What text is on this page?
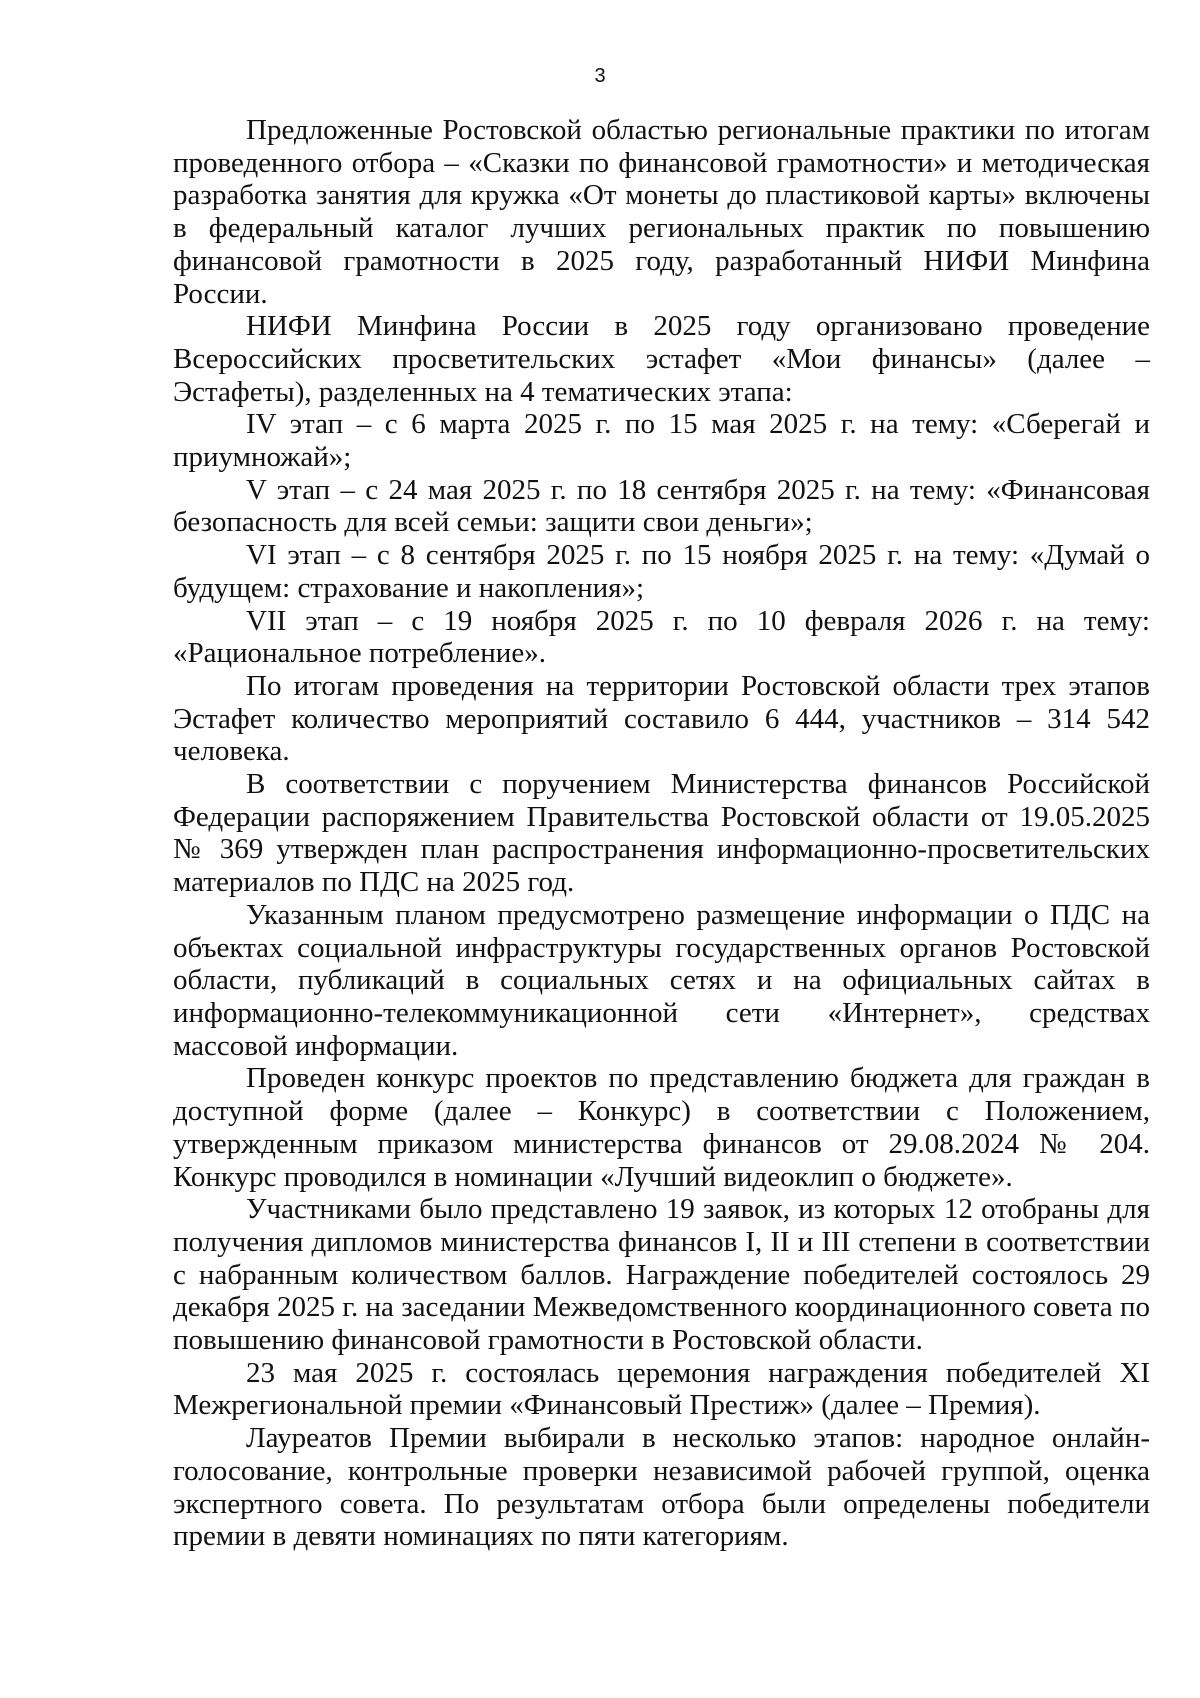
3

Предложенные Ростовской областью региональные практики по итогам проведенного отбора – «Сказки по финансовой грамотности» и методическая разработка занятия для кружка «От монеты до пластиковой карты» включены в федеральный каталог лучших региональных практик по повышению финансовой грамотности в 2025 году, разработанный НИФИ Минфина России.

НИФИ Минфина России в 2025 году организовано проведение Всероссийских просветительских эстафет «Мои финансы» (далее – Эстафеты), разделенных на 4 тематических этапа:

IV этап – с 6 марта 2025 г. по 15 мая 2025 г. на тему: «Сберегай и приумножай»;

V этап – с 24 мая 2025 г. по 18 сентября 2025 г. на тему: «Финансовая безопасность для всей семьи: защити свои деньги»;

VI этап – с 8 сентября 2025 г. по 15 ноября 2025 г. на тему: «Думай о будущем: страхование и накопления»;

VII этап – с 19 ноября 2025 г. по 10 февраля 2026 г. на тему: «Рациональное потребление».

По итогам проведения на территории Ростовской области трех этапов Эстафет количество мероприятий составило 6 444, участников – 314 542 человека.

В соответствии с поручением Министерства финансов Российской Федерации распоряжением Правительства Ростовской области от 19.05.2025 № 369 утвержден план распространения информационно-просветительских материалов по ПДС на 2025 год.

Указанным планом предусмотрено размещение информации о ПДС на объектах социальной инфраструктуры государственных органов Ростовской области, публикаций в социальных сетях и на официальных сайтах в информационно-телекоммуникационной сети «Интернет», средствах массовой информации.

Проведен конкурс проектов по представлению бюджета для граждан в доступной форме (далее – Конкурс) в соответствии с Положением, утвержденным приказом министерства финансов от 29.08.2024 № 204. Конкурс проводился в номинации «Лучший видеоклип о бюджете».

Участниками было представлено 19 заявок, из которых 12 отобраны для получения дипломов министерства финансов I, II и III степени в соответствии с набранным количеством баллов. Награждение победителей состоялось 29 декабря 2025 г. на заседании Межведомственного координационного совета по повышению финансовой грамотности в Ростовской области.

23 мая 2025 г. состоялась церемония награждения победителей XI Межрегиональной премии «Финансовый Престиж» (далее – Премия).

Лауреатов Премии выбирали в несколько этапов: народное онлайн-голосование, контрольные проверки независимой рабочей группой, оценка экспертного совета. По результатам отбора были определены победители премии в девяти номинациях по пяти категориям.
